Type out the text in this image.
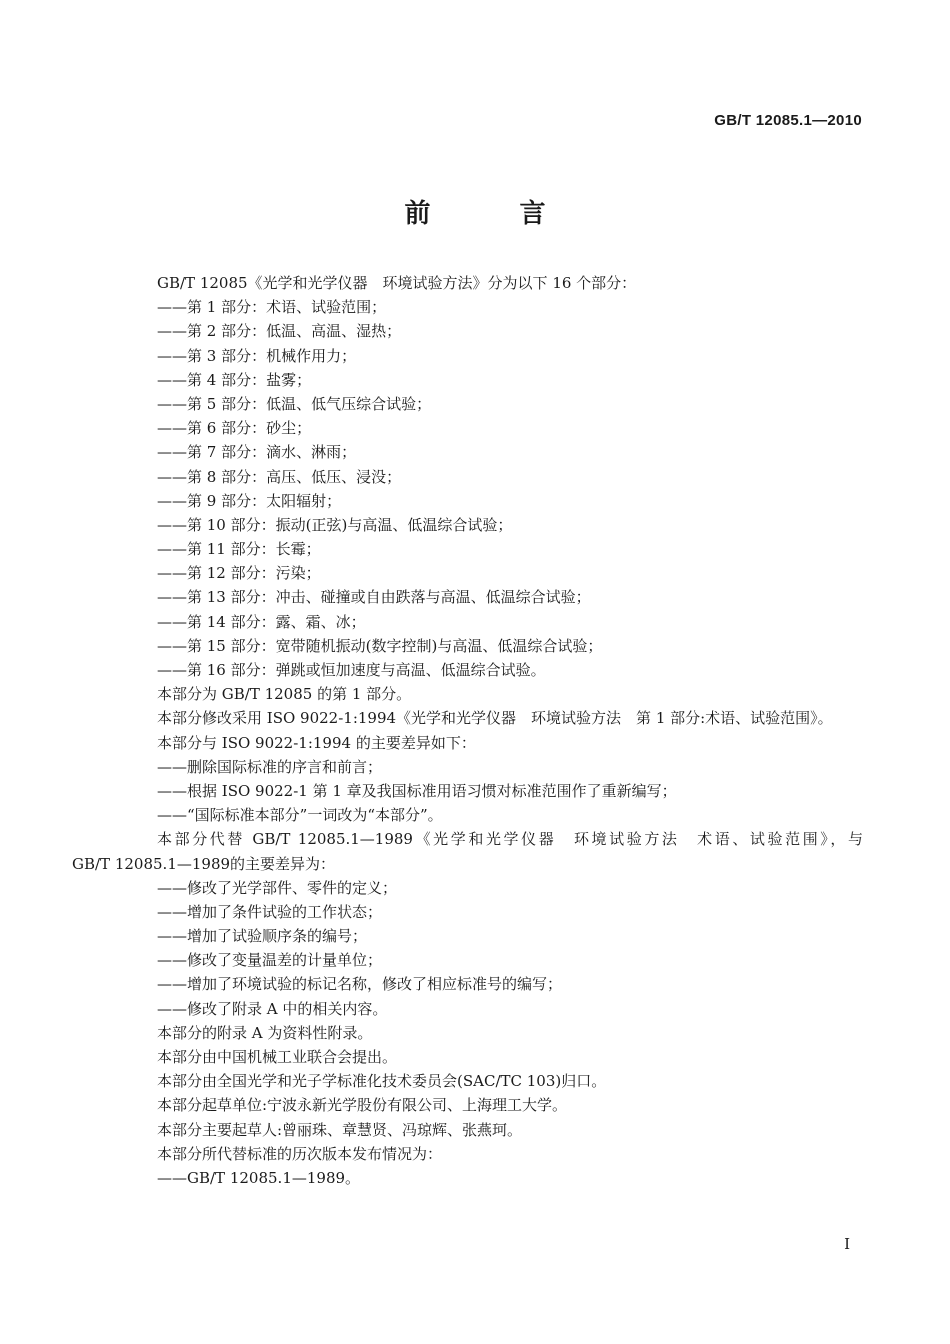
GB/T 12085.1—2010
前 言
GB/T 12085《光学和光学仪器　环境试验方法》分为以下 16 个部分：
——第 1 部分：术语、试验范围；
——第 2 部分：低温、高温、湿热；
——第 3 部分：机械作用力；
——第 4 部分：盐雾；
——第 5 部分：低温、低气压综合试验；
——第 6 部分：砂尘；
——第 7 部分：滴水、淋雨；
——第 8 部分：高压、低压、浸没；
——第 9 部分：太阳辐射；
——第 10 部分：振动(正弦)与高温、低温综合试验；
——第 11 部分：长霉；
——第 12 部分：污染；
——第 13 部分：冲击、碰撞或自由跌落与高温、低温综合试验；
——第 14 部分：露、霜、冰；
——第 15 部分：宽带随机振动(数字控制)与高温、低温综合试验；
——第 16 部分：弹跳或恒加速度与高温、低温综合试验。
本部分为 GB/T 12085 的第 1 部分。
本部分修改采用 ISO 9022-1:1994《光学和光学仪器　环境试验方法　第 1 部分:术语、试验范围》。
本部分与 ISO 9022-1:1994 的主要差异如下：
——删除国际标准的序言和前言；
——根据 ISO 9022-1 第 1 章及我国标准用语习惯对标准范围作了重新编写；
——“国际标准本部分”一词改为“本部分”。
本部分代替 GB/T 12085.1—1989《光学和光学仪器　环境试验方法　术语、试验范围》，与
GB/T 12085.1—1989的主要差异为：
——修改了光学部件、零件的定义；
——增加了条件试验的工作状态；
——增加了试验顺序条的编号；
——修改了变量温差的计量单位；
——增加了环境试验的标记名称，修改了相应标准号的编写；
——修改了附录 A 中的相关内容。
本部分的附录 A 为资料性附录。
本部分由中国机械工业联合会提出。
本部分由全国光学和光子学标准化技术委员会(SAC/TC 103)归口。
本部分起草单位:宁波永新光学股份有限公司、上海理工大学。
本部分主要起草人:曾丽珠、章慧贤、冯琼辉、张燕珂。
本部分所代替标准的历次版本发布情况为：
——GB/T 12085.1—1989。
I
